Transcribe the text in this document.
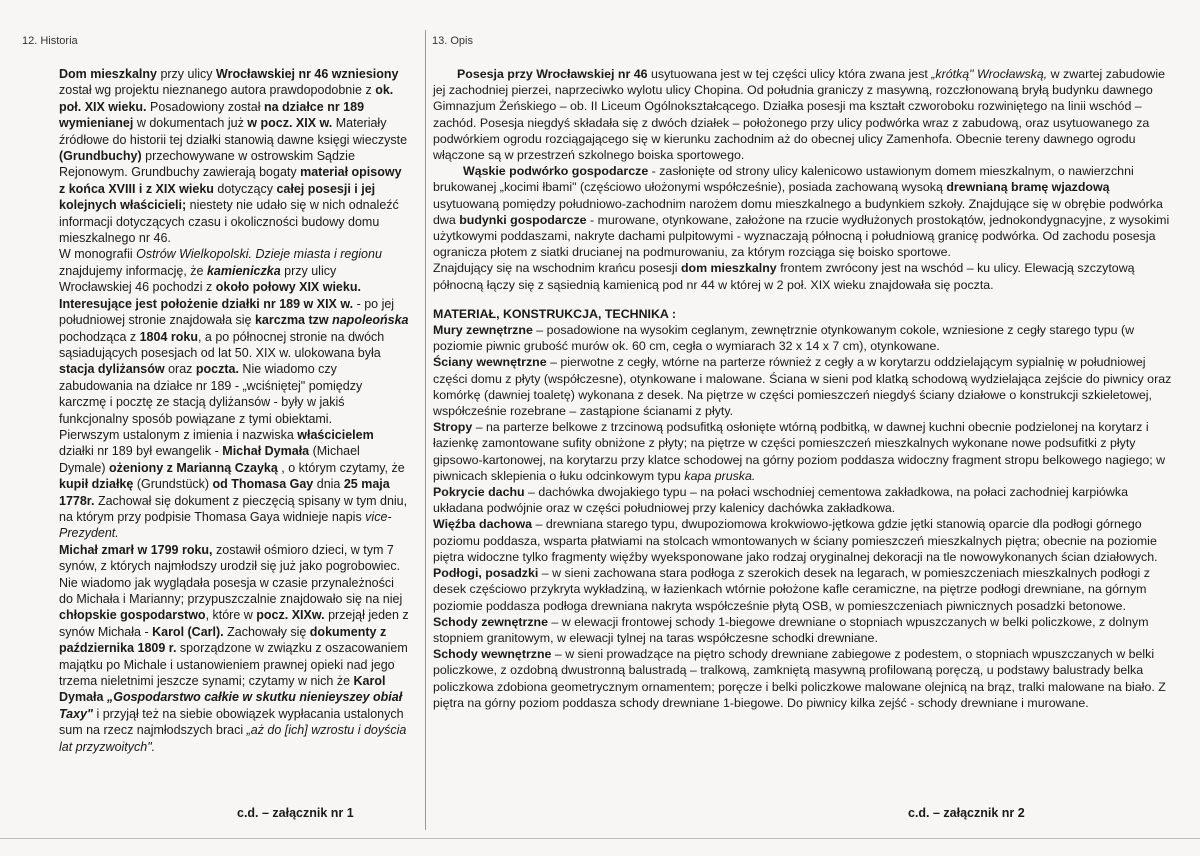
12. Historia	13. Opis

Dom mieszkalny przy ulicy Wrocławskiej nr 46 wzniesiony został wg projektu nieznanego autora prawdopodobnie z ok. poł. XIX wieku. Posadowiony został na działce nr 189 wymienianej w dokumentach już w pocz. XIX w. Materiały źródłowe do historii tej działki stanowią dawne księgi wieczyste (Grundbuchy) przechowywane w ostrowskim Sądzie Rejonowym. Grundbuchy zawierają bogaty materiał opisowy z końca XVIII i z XIX wieku dotyczący całej posesji i jej kolejnych właścicieli; niestety nie udało się w nich odnaleźć informacji dotyczących czasu i okoliczności budowy domu mieszkalnego nr 46.

W monografii Ostrów Wielkopolski. Dzieje miasta i regionu znajdujemy informację, że kamieniczka przy ulicy Wrocławskiej 46 pochodzi z około połowy XIX wieku.

Interesujące jest położenie działki nr 189 w XIX w. - po jej południowej stronie znajdowała się karczma tzw napoleońska pochodząca z 1804 roku, a po północnej stronie na dwóch sąsiadujących posesjach od lat 50. XIX w. ulokowana była stacja dyliżansów oraz poczta. Nie wiadomo czy zabudowania na działce nr 189 - „wciśniętej" pomiędzy karczmę i pocztę ze stacją dyliżansów - były w jakiś funkcjonalny sposób powiązane z tymi obiektami.

Pierwszym ustalonym z imienia i nazwiska właścicielem działki nr 189 był ewangelik - Michał Dymała (Michael Dymale) ożeniony z Marianną Czayką , o którym czytamy, że kupił działkę (Grundstück) od Thomasa Gay dnia 25 maja 1778r. Zachował się dokument z pieczęcią spisany w tym dniu, na którym przy podpisie Thomasa Gaya widnieje napis vice-Prezydent.

Michał zmarł w 1799 roku, zostawił ośmioro dzieci, w tym 7 synów, z których najmłodszy urodził się już jako pogrobowiec. Nie wiadomo jak wyglądała posesja w czasie przynależności do Michała i Marianny; przypuszczalnie znajdowało się na niej chłopskie gospodarstwo, które w pocz. XIXw. przejął jeden z synów Michała - Karol (Carl). Zachowały się dokumenty z października 1809 r. sporządzone w związku z oszacowaniem majątku po Michale i ustanowieniem prawnej opieki nad jego trzema nieletnimi jeszcze synami; czytamy w nich że Karol Dymała „Gospodarstwo całkie w skutku nienieyszey obiał Taxy" i przyjął też na siebie obowiązek wypłacania ustalonych sum na rzecz najmłodszych braci „aż do [ich] wzrostu i doyścia lat przyzwoitych".

c.d. – załącznik nr 1

Posesja przy Wrocławskiej nr 46 usytuowana jest w tej części ulicy która zwana jest „krótką" Wrocławską, w zwartej zabudowie jej zachodniej pierzei, naprzeciwko wylotu ulicy Chopina. Od południa graniczy z masywną, rozczłonowaną bryłą budynku dawnego Gimnazjum Żeńskiego – ob. II Liceum Ogólnokształcącego. Działka posesji ma kształt czworoboku rozwiniętego na linii wschód – zachód. Posesja niegdyś składała się z dwóch działek – położonego przy ulicy podwórka wraz z zabudową, oraz usytuowanego za podwórkiem ogrodu rozciągającego się w kierunku zachodnim aż do obecnej ulicy Zamenhofa. Obecnie tereny dawnego ogrodu włączone są w przestrzeń szkolnego boiska sportowego.

Wąskie podwórko gospodarcze - zasłonięte od strony ulicy kalenicowo ustawionym domem mieszkalnym, o nawierzchni brukowanej „kocimi łbami" (częściowo ułożonymi współcześnie), posiada zachowaną wysoką drewnianą bramę wjazdową usytuowaną pomiędzy południowo-zachodnim narożem domu mieszkalnego a budynkiem szkoły. Znajdujące się w obrębie podwórka dwa budynki gospodarcze - murowane, otynkowane, założone na rzucie wydłużonych prostokątów, jednokondygnacyjne, z wysokimi użytkowymi poddaszami, nakryte dachami pulpitowymi - wyznaczają północną i południową granicę podwórka. Od zachodu posesja ogranicza płotem z siatki drucianej na podmurowaniu, za którym rozciąga się boisko sportowe.

Znajdujący się na wschodnim krańcu posesji dom mieszkalny frontem zwrócony jest na wschód – ku ulicy. Elewacją szczytową północną łączy się z sąsiednią kamienicą pod nr 44 w której w 2 poł. XIX wieku znajdowała się poczta.

MATERIAŁ, KONSTRUKCJA, TECHNIKA :

Mury zewnętrzne – posadowione na wysokim ceglanym, zewnętrznie otynkowanym cokole, wzniesione z cegły starego typu (w poziomie piwnic grubość murów ok. 60 cm, cegła o wymiarach 32 x 14 x 7 cm), otynkowane.

Ściany wewnętrzne – pierwotne z cegły, wtórne na parterze również z cegły a w korytarzu oddzielającym sypialnię w południowej części domu z płyty (współczesne), otynkowane i malowane. Ściana w sieni pod klatką schodową wydzielająca zejście do piwnicy oraz komórkę (dawniej toaletę) wykonana z desek. Na piętrze w części pomieszczeń niegdyś ściany działowe o konstrukcji szkieletowej, współcześnie rozebrane – zastąpione ścianami z płyty.

Stropy – na parterze belkowe z trzcinową podsufitką osłonięte wtórną podbitką, w dawnej kuchni obecnie podzielonej na korytarz i łazienkę zamontowane sufity obniżone z płyty; na piętrze w części pomieszczeń mieszkalnych wykonane nowe podsufitki z płyty gipsowo-kartonowej, na korytarzu przy klatce schodowej na górny poziom poddasza widoczny fragment stropu belkowego nagiego; w piwnicach sklepienia o łuku odcinkowym typu kapa pruska.

Pokrycie dachu – dachówka dwojakiego typu – na połaci wschodniej cementowa zakładkowa, na połaci zachodniej karpiówka układana podwójnie oraz w części południowej przy kalenicy dachówka zakładkowa.

Więźba dachowa – drewniana starego typu, dwupoziomowa krokwiowo-jętkowa gdzie jętki stanowią oparcie dla podłogi górnego poziomu poddasza, wsparta płatwiami na stolcach wmontowanych w ściany pomieszczeń mieszkalnych piętra; obecnie na poziomie piętra widoczne tylko fragmenty więźby wyeksponowane jako rodzaj oryginalnej dekoracji na tle nowowykonanych ścian działowych.

Podłogi, posadzki – w sieni zachowana stara podłoga z szerokich desek na legarach, w pomieszczeniach mieszkalnych podłogi z desek częściowo przykryta wykładziną, w łazienkach wtórnie położone kafle ceramiczne, na piętrze podłogi drewniane, na górnym poziomie poddasza podłoga drewniana nakryta współcześnie płytą OSB, w pomieszczeniach piwnicznych posadzki betonowe.

Schody zewnętrzne – w elewacji frontowej schody 1-biegowe drewniane o stopniach wpuszczanych w belki policzkowe, z dolnym stopniem granitowym, w elewacji tylnej na taras współczesne schodki drewniane.

Schody wewnętrzne – w sieni prowadzące na piętro schody drewniane zabiegowe z podestem, o stopniach wpuszczanych w belki policzkowe, z ozdobną dwustronną balustradą – tralkową, zamkniętą masywną profilowaną poręczą, u podstawy balustrady belka policzkowa zdobiona geometrycznym ornamentem; poręcze i belki policzkowe malowane olejnicą na brąz, tralki malowane na biało. Z piętra na górny poziom poddasza schody drewniane 1-biegowe. Do piwnicy kilka zejść - schody drewniane i murowane.

c.d. – załącznik nr 2
